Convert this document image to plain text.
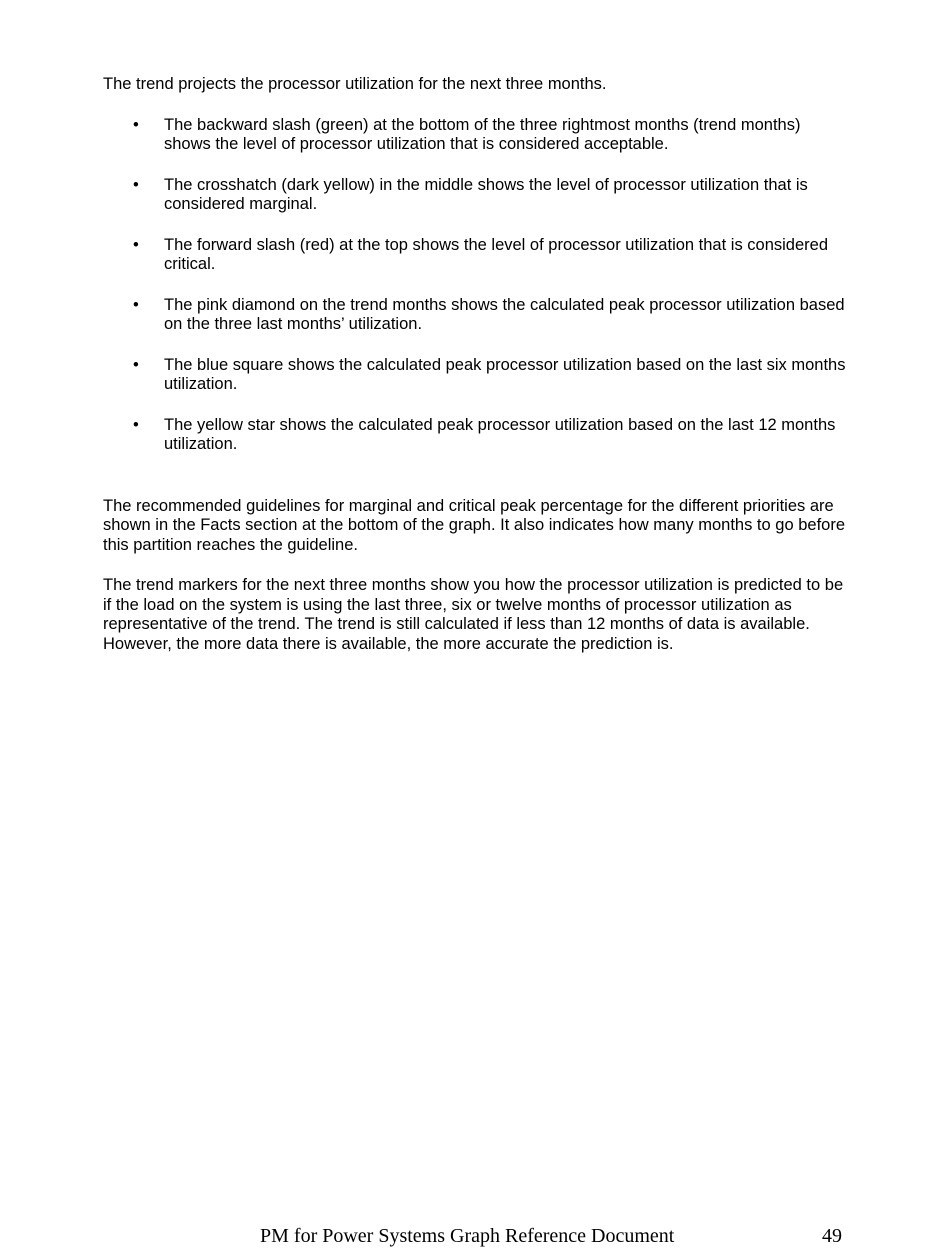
The trend projects the processor utilization for the next three months.

• The backward slash (green) at the bottom of the three rightmost months (trend months) shows the level of processor utilization that is considered acceptable.
• The crosshatch (dark yellow) in the middle shows the level of processor utilization that is considered marginal.
• The forward slash (red) at the top shows the level of processor utilization that is considered critical.
• The pink diamond on the trend months shows the calculated peak processor utilization based on the three last months’ utilization.
• The blue square shows the calculated peak processor utilization based on the last six months utilization.
• The yellow star shows the calculated peak processor utilization based on the last 12 months utilization.

The recommended guidelines for marginal and critical peak percentage for the different priorities are shown in the Facts section at the bottom of the graph. It also indicates how many months to go before this partition reaches the guideline.

The trend markers for the next three months show you how the processor utilization is predicted to be if the load on the system is using the last three, six or twelve months of processor utilization as representative of the trend. The trend is still calculated if less than 12 months of data is available. However, the more data there is available, the more accurate the prediction is.

PM for Power Systems Graph Reference Document	49
